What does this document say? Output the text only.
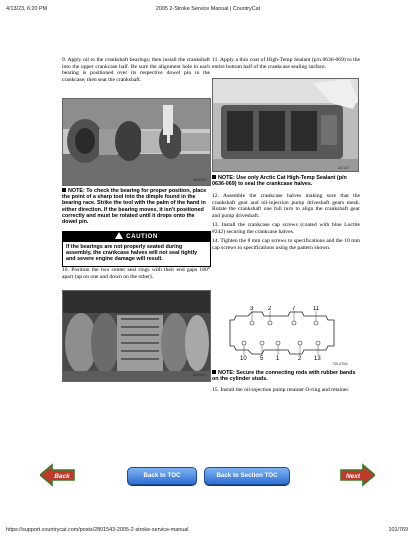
4/13/23, 6:20 PM	2005 2-Stroke Service Manual | CountryCat

9. Apply oil to the crankshaft bearings; then install the crankshaft into the upper crankcase half. Be sure the alignment hole in each bearing is positioned over its respective dowel pin in the crankcase; then seat the crankshaft.

AN331D

NOTE: To check the bearing for proper position, place the point of a sharp tool into the dimple found in the bearing race. Strike the tool with the palm of the hand in either direction. If the bearing moves, it isn't positioned correctly and must be rotated until it drops onto the dowel pin.

CAUTION
If the bearings are not properly seated during assembly, the crankcase halves will not seal tightly and severe engine damage will result.

10. Position the two center seal rings with their end gaps 180° apart (up on one and down on the other).

AN069D

11. Apply a thin coat of High-Temp Sealant (p/n 0636-069) to the entire bottom half of the crankcase sealing surface.

AO137

NOTE: Use only Arctic Cat High-Temp Sealant (p/n 0636-069) to seal the crankcase halves.

12. Assemble the crankcase halves making sure that the crankshaft gear and oil-injection pump driveshaft gears mesh. Rotate the crankshaft one full turn to align the crankshaft gear and pump driveshaft.

13. Install the crankcase cap screws (coated with blue Loctite #242) securing the crankcase halves.

14. Tighten the 8 mm cap screws to specifications and the 10 mm cap screws to specifications using the pattern shown.

3 2	7	11
10 5 1	2 13
735-470A

NOTE: Secure the connecting rods with rubber bands on the cylinder studs.

15. Install the oil-injection pump retainer O-ring and retainer.

Back	Back to TOC	Back to Section TOC	Next
https://support.countrycat.com/posts/2801543-2005-2-stroke-service-manual	101/769
